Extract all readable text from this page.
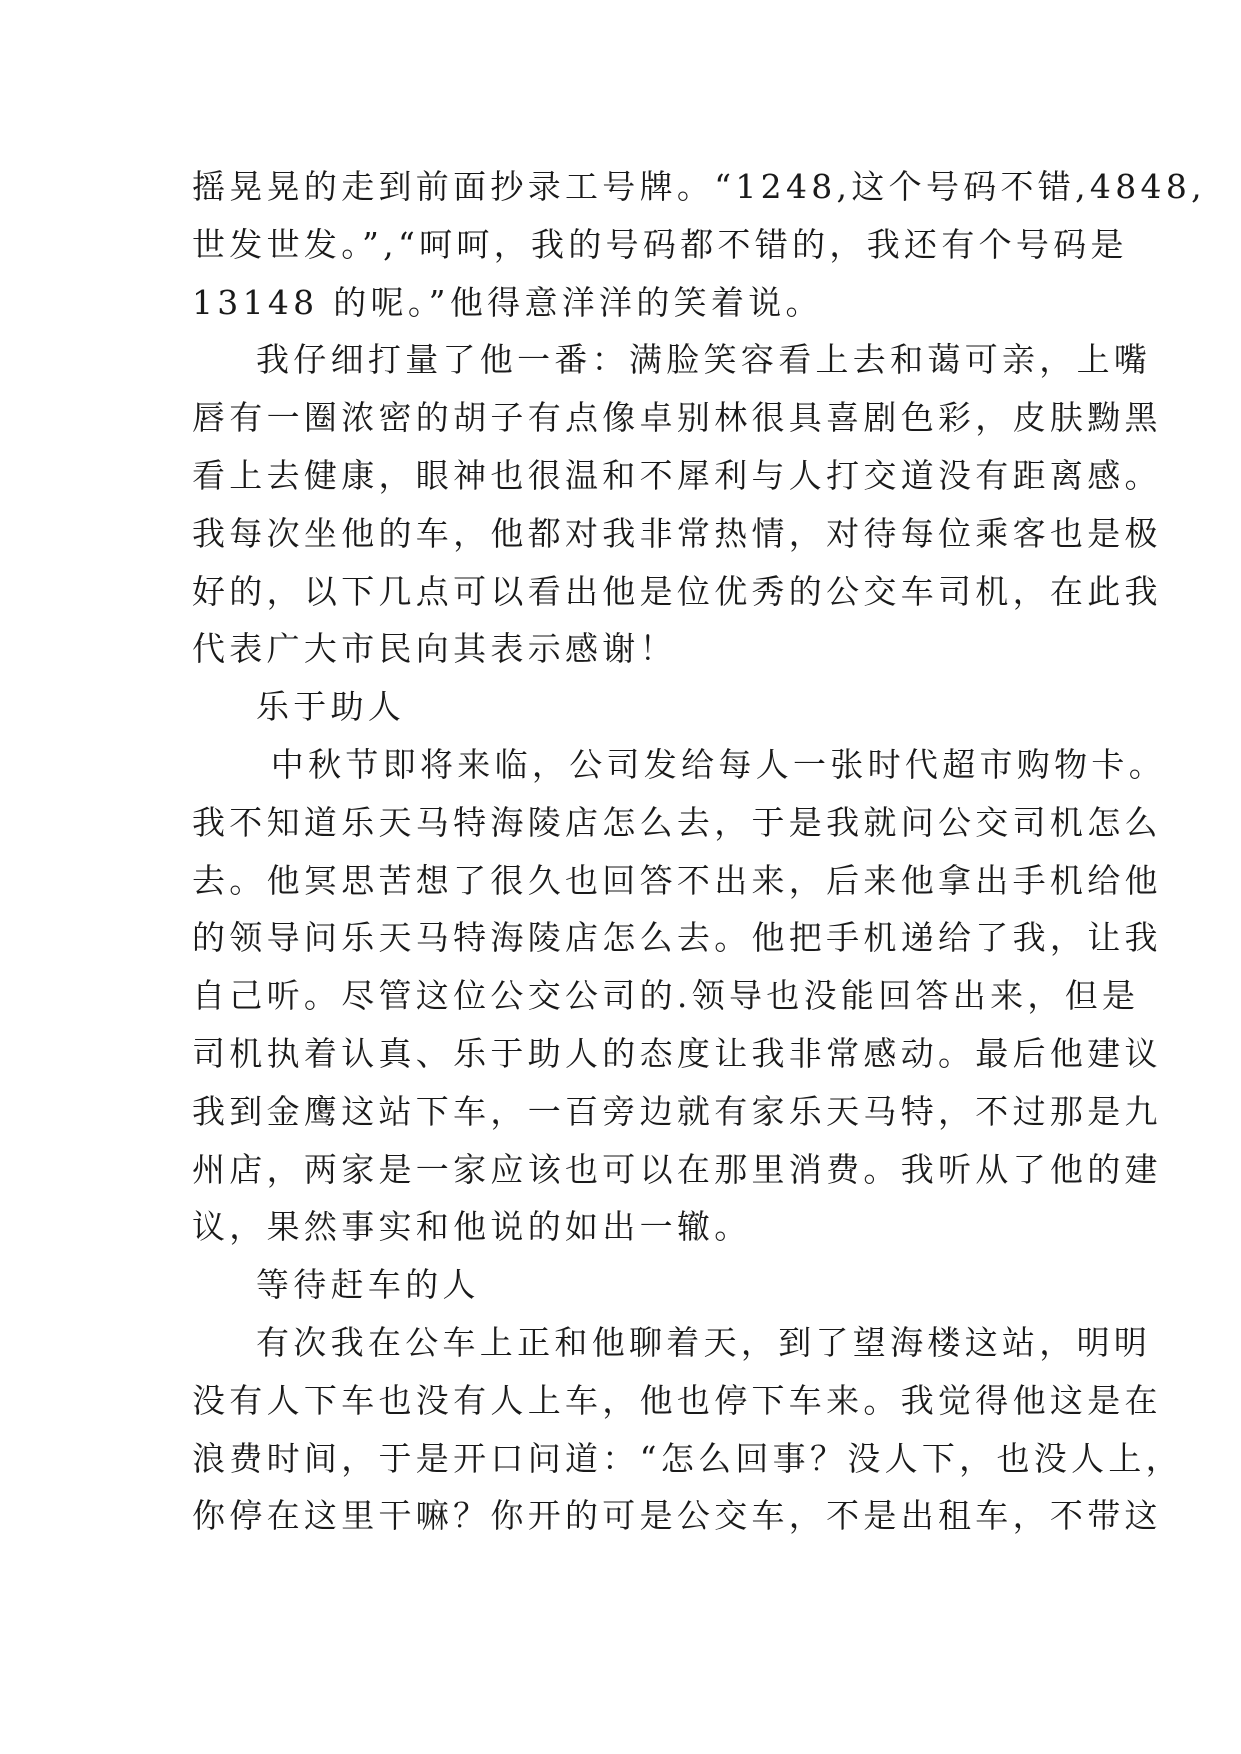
摇晃晃的走到前面抄录工号牌。“1248,这个号码不错,4848,
世发世发。”,“呵呵，我的号码都不错的，我还有个号码是
13148 的呢。”他得意洋洋的笑着说。
我仔细打量了他一番：满脸笑容看上去和蔼可亲，上嘴
唇有一圈浓密的胡子有点像卓别林很具喜剧色彩，皮肤黝黑
看上去健康，眼神也很温和不犀利与人打交道没有距离感。
我每次坐他的车，他都对我非常热情，对待每位乘客也是极
好的，以下几点可以看出他是位优秀的公交车司机，在此我
代表广大市民向其表示感谢！
乐于助人
中秋节即将来临，公司发给每人一张时代超市购物卡。
我不知道乐天马特海陵店怎么去，于是我就问公交司机怎么
去。他冥思苦想了很久也回答不出来，后来他拿出手机给他
的领导问乐天马特海陵店怎么去。他把手机递给了我，让我
自己听。尽管这位公交公司的.领导也没能回答出来，但是
司机执着认真、乐于助人的态度让我非常感动。最后他建议
我到金鹰这站下车，一百旁边就有家乐天马特，不过那是九
州店，两家是一家应该也可以在那里消费。我听从了他的建
议，果然事实和他说的如出一辙。
等待赶车的人
有次我在公车上正和他聊着天，到了望海楼这站，明明
没有人下车也没有人上车，他也停下车来。我觉得他这是在
浪费时间，于是开口问道：“怎么回事？没人下，也没人上，
你停在这里干嘛？你开的可是公交车，不是出租车，不带这
